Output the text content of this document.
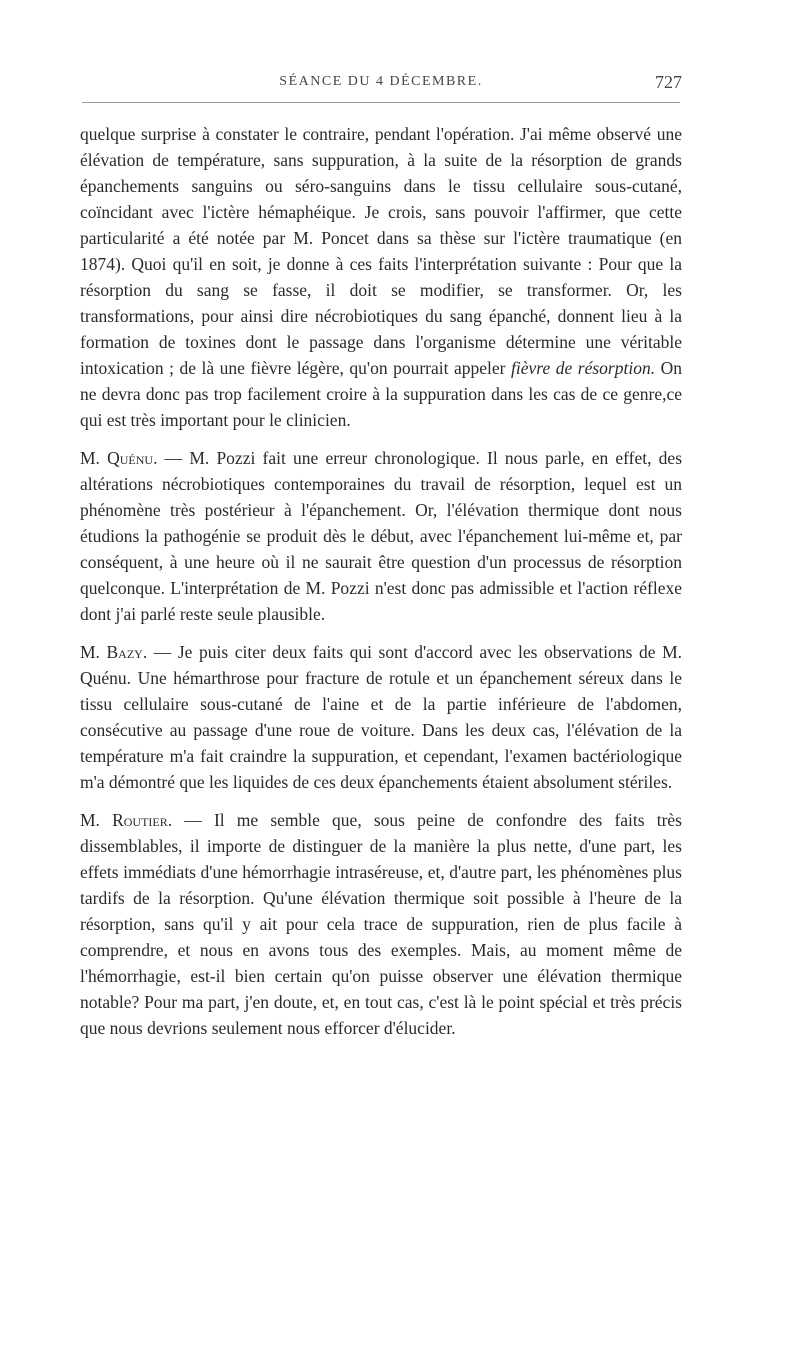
SÉANCE DU 4 DÉCEMBRE.	727

quelque surprise à constater le contraire, pendant l'opération. J'ai même observé une élévation de température, sans suppuration, à la suite de la résorption de grands épanchements sanguins ou séro-sanguins dans le tissu cellulaire sous-cutané, coïncidant avec l'ictère hémaphéique. Je crois, sans pouvoir l'affirmer, que cette particularité a été notée par M. Poncet dans sa thèse sur l'ictère traumatique (en 1874). Quoi qu'il en soit, je donne à ces faits l'interprétation suivante : Pour que la résorption du sang se fasse, il doit se modifier, se transformer. Or, les transformations, pour ainsi dire nécrobiotiques du sang épanché, donnent lieu à la formation de toxines dont le passage dans l'organisme détermine une véritable intoxication ; de là une fièvre légère, qu'on pourrait appeler fièvre de résorption. On ne devra donc pas trop facilement croire à la suppuration dans les cas de ce genre,ce qui est très important pour le clinicien.

M. Quénu. — M. Pozzi fait une erreur chronologique. Il nous parle, en effet, des altérations nécrobiotiques contemporaines du travail de résorption, lequel est un phénomène très postérieur à l'épanchement. Or, l'élévation thermique dont nous étudions la pathogénie se produit dès le début, avec l'épanchement lui-même et, par conséquent, à une heure où il ne saurait être question d'un processus de résorption quelconque. L'interprétation de M. Pozzi n'est donc pas admissible et l'action réflexe dont j'ai parlé reste seule plausible.

M. Bazy. — Je puis citer deux faits qui sont d'accord avec les observations de M. Quénu. Une hémarthrose pour fracture de rotule et un épanchement séreux dans le tissu cellulaire sous-cutané de l'aine et de la partie inférieure de l'abdomen, consécutive au passage d'une roue de voiture. Dans les deux cas, l'élévation de la température m'a fait craindre la suppuration, et cependant, l'examen bactériologique m'a démontré que les liquides de ces deux épanchements étaient absolument stériles.

M. Routier. — Il me semble que, sous peine de confondre des faits très dissemblables, il importe de distinguer de la manière la plus nette, d'une part, les effets immédiats d'une hémorrhagie intraséreuse, et, d'autre part, les phénomènes plus tardifs de la résorption. Qu'une élévation thermique soit possible à l'heure de la résorption, sans qu'il y ait pour cela trace de suppuration, rien de plus facile à comprendre, et nous en avons tous des exemples. Mais, au moment même de l'hémorrhagie, est-il bien certain qu'on puisse observer une élévation thermique notable? Pour ma part, j'en doute, et, en tout cas, c'est là le point spécial et très précis que nous devrions seulement nous efforcer d'élucider.
